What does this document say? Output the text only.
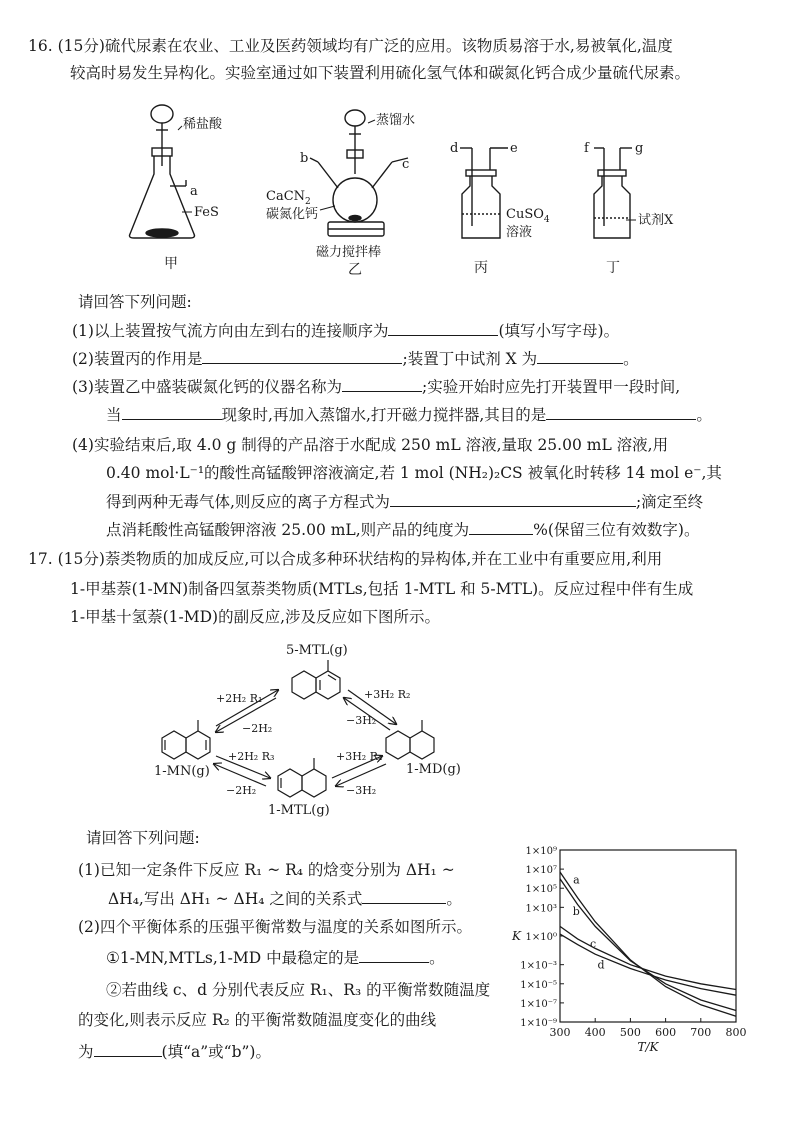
16. (15分)硫代尿素在农业、工业及医药领域均有广泛的应用。该物质易溶于水,易被氧化,温度
较高时易发生异构化。实验室通过如下装置利用硫化氢气体和碳氮化钙合成少量硫代尿素。
稀盐酸
a
FeS
甲
蒸馏水
b	c
CaCN$_2$
碳氮化钙
磁力搅拌棒
乙
d	e
CuSO$_4$
溶液
丙
f	g
试剂X
丁
请回答下列问题:
(1)以上装置按气流方向由左到右的连接顺序为	(填写小写字母)。
(2)装置丙的作用是	;装置丁中试剂 X 为	。
(3)装置乙中盛装碳氮化钙的仪器名称为	;实验开始时应先打开装置甲一段时间,
当	现象时,再加入蒸馏水,打开磁力搅拌器,其目的是	。
(4)实验结束后,取 4.0 g 制得的产品溶于水配成 250 mL 溶液,量取 25.00 mL 溶液,用
0.40 mol·L⁻¹的酸性高锰酸钾溶液滴定,若 1 mol (NH₂)₂CS 被氧化时转移 14 mol e⁻,其
得到两种无毒气体,则反应的离子方程式为	;滴定至终
点消耗酸性高锰酸钾溶液 25.00 mL,则产品的纯度为	%(保留三位有效数字)。
17. (15分)萘类物质的加成反应,可以合成多种环状结构的异构体,并在工业中有重要应用,利用
1-甲基萘(1-MN)制备四氢萘类物质(MTLs,包括 1-MTL 和 5-MTL)。反应过程中伴有生成
1-甲基十氢萘(1-MD)的副反应,涉及反应如下图所示。
5-MTL(g)
1-MN(g)	1-MD(g)
1-MTL(g)
+2H₂ R₁
−2H₂
+3H₂ R₂
−3H₂
+2H₂ R₃
−2H₂
+3H₂ R₄
−3H₂
请回答下列问题:
(1)已知一定条件下反应 R₁ ~ R₄ 的焓变分别为 ΔH₁ ~
ΔH₄,写出 ΔH₁ ~ ΔH₄ 之间的关系式	。
(2)四个平衡体系的压强平衡常数与温度的关系如图所示。
①1-MN,MTLs,1-MD 中最稳定的是	。
②若曲线 c、d 分别代表反应 R₁、R₃ 的平衡常数随温度
的变化,则表示反应 R₂ 的平衡常数随温度变化的曲线
为	(填“a”或“b”)。
1×10⁹
1×10⁷
1×10⁵
1×10³
1×10⁰
1×10⁻³
1×10⁻⁵
1×10⁻⁷
1×10⁻⁹
300 400 500 600 700 800
T/K
K
a
b
c
d
